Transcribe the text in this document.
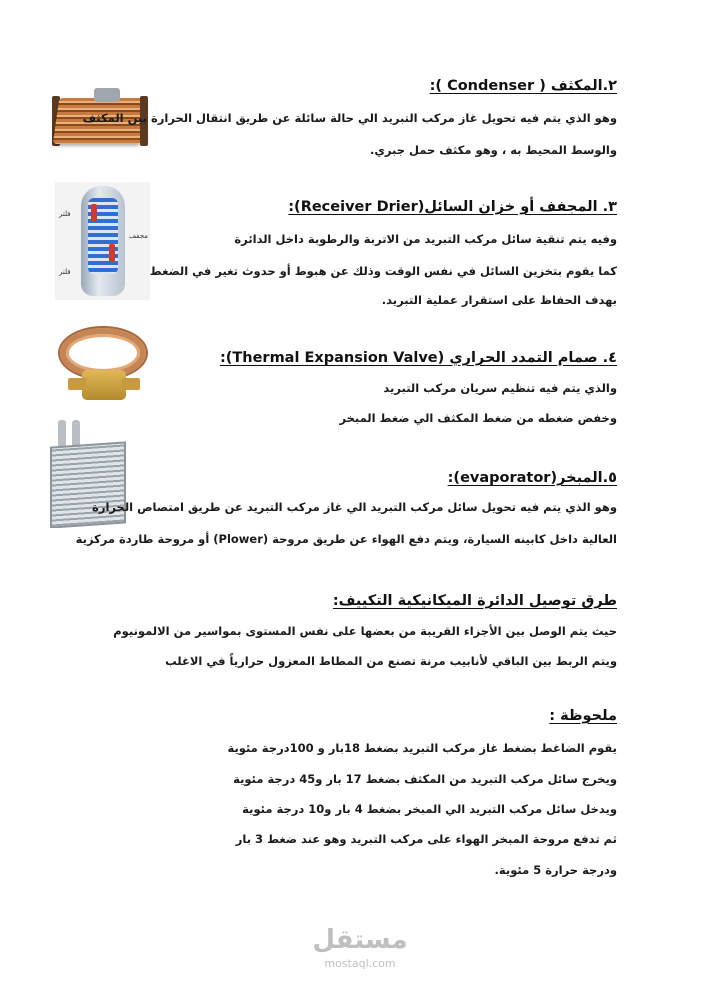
٢.المكثف ( Condenser ):
وهو الذي يتم فيه تحويل غاز مركب التبريد الي حالة سائلة عن طريق انتقال الحرارة بين المكثف
والوسط المحيط به ، وهو مكثف حمل جبري.
فلتر
مجفف
فلتر
٣. المجفف أو خزان السائل(Receiver Drier):
وفيه يتم تنقية سائل مركب التبريد من الاتربة والرطوبة داخل الدائرة
كما يقوم بتخزين السائل في نفس الوقت وذلك عن هبوط أو حدوث تغير في الضغط
بهدف الحفاظ على استقرار عملية التبريد.
٤. صمام التمدد الحراري (Thermal Expansion Valve):
والذي يتم فيه تنظيم سريان مركب التبريد
وخفض ضغطه من ضغط المكثف الي ضغط المبخر
٥.المبخر(evaporator):
وهو الذي يتم فيه تحويل سائل مركب التبريد الي غاز مركب التبريد عن طريق امتصاص الحرارة
العالية داخل كابينه السيارة، ويتم دفع الهواء عن طريق مروحة (Plower) أو مروحة طاردة مركزية
طرق توصيل الدائرة الميكانيكية التكييف:
حيث يتم الوصل بين الأجزاء القريبة من بعضها على نفس المستوى بمواسير من الالمونيوم
ويتم الربط بين الباقي لأنابيب مرنة تصنع من المطاط المعزول حرارياً في الاغلب
ملحوظة :
يقوم الضاغط بضغط غاز مركب التبريد بضغط 18بار و 100درجة مئوية
ويخرج سائل مركب التبريد من المكثف بضغط 17 بار و45 درجة مئوية
ويدخل سائل مركب التبريد الي المبخر بضغط 4 بار و10 درجة مئوية
ثم تدفع مروحة المبخر الهواء على مركب التبريد وهو عند ضغط 3 بار
ودرجة حرارة 5 مئوية.
مستقل
mostaql.com
